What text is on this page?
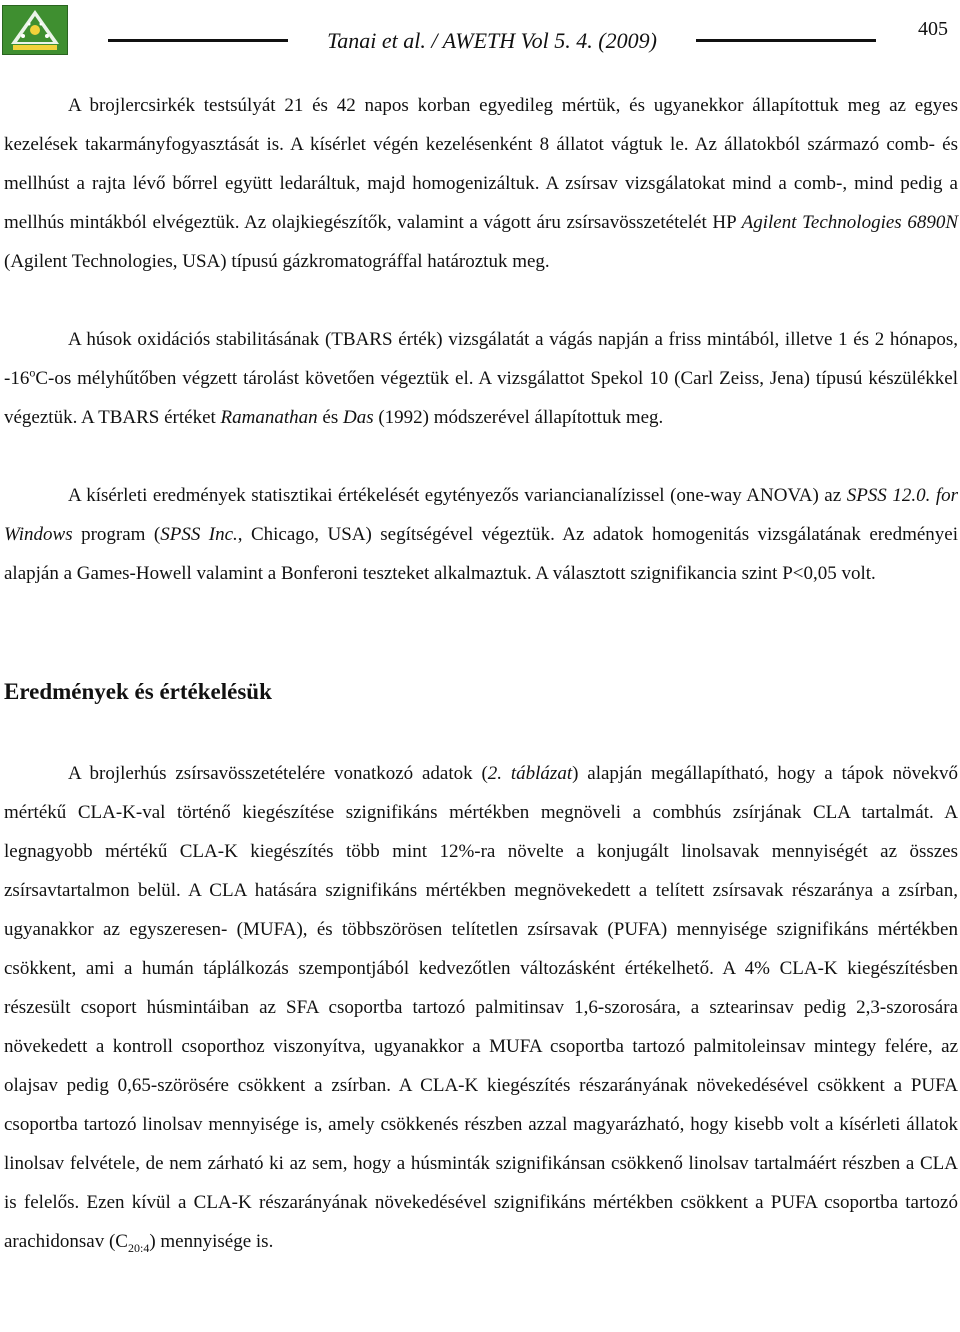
Tanai et al. / AWETH Vol 5. 4. (2009)	405

A brojlercsirkék testsúlyát 21 és 42 napos korban egyedileg mértük, és ugyanekkor állapítottuk meg az egyes kezelések takarmányfogyasztását is. A kísérlet végén kezelésenként 8 állatot vágtuk le. Az állatokból származó comb- és mellhúst a rajta lévő bőrrel együtt ledaráltuk, majd homogenizáltuk. A zsírsav vizsgálatokat mind a comb-, mind pedig a mellhús mintákból elvégeztük. Az olajkiegészítők, valamint a vágott áru zsírsavösszetételét HP Agilent Technologies 6890N (Agilent Technologies, USA) típusú gázkromatográffal határoztuk meg.

A húsok oxidációs stabilitásának (TBARS érték) vizsgálatát a vágás napján a friss mintából, illetve 1 és 2 hónapos, -16$^o$C-os mélyhűtőben végzett tárolást követően végeztük el. A vizsgálattot Spekol 10 (Carl Zeiss, Jena) típusú készülékkel végeztük. A TBARS értéket Ramanathan és Das (1992) módszerével állapítottuk meg.

A kísérleti eredmények statisztikai értékelését egytényezős variancianalízissel (one-way ANOVA) az SPSS 12.0. for Windows program (SPSS Inc., Chicago, USA) segítségével végeztük. Az adatok homogenitás vizsgálatának eredményei alapján a Games-Howell valamint a Bonferoni teszteket alkalmaztuk. A választott szignifikancia szint P<0,05 volt.

Eredmények és értékelésük

A brojlerhús zsírsavösszetételére vonatkozó adatok (2. táblázat) alapján megállapítható, hogy a tápok növekvő mértékű CLA-K-val történő kiegészítése szignifikáns mértékben megnöveli a combhús zsírjának CLA tartalmát. A legnagyobb mértékű CLA-K kiegészítés több mint 12%-ra növelte a konjugált linolsavak mennyiségét az összes zsírsavtartalmon belül. A CLA hatására szignifikáns mértékben megnövekedett a telített zsírsavak részaránya a zsírban, ugyanakkor az egyszeresen- (MUFA), és többszörösen telítetlen zsírsavak (PUFA) mennyisége szignifikáns mértékben csökkent, ami a humán táplálkozás szempontjából kedvezőtlen változásként értékelhető. A 4% CLA-K kiegészítésben részesült csoport húsmintáiban az SFA csoportba tartozó palmitinsav 1,6-szorosára, a sztearinsav pedig 2,3-szorosára növekedett a kontroll csoporthoz viszonyítva, ugyanakkor a MUFA csoportba tartozó palmitoleinsav mintegy felére, az olajsav pedig 0,65-szörösére csökkent a zsírban. A CLA-K kiegészítés részarányának növekedésével csökkent a PUFA csoportba tartozó linolsav mennyisége is, amely csökkenés részben azzal magyarázható, hogy kisebb volt a kísérleti állatok linolsav felvétele, de nem zárható ki az sem, hogy a húsminták szignifikánsan csökkenő linolsav tartalmáért részben a CLA is felelős. Ezen kívül a CLA-K részarányának növekedésével szignifikáns mértékben csökkent a PUFA csoportba tartozó arachidonsav $(C_{20:4})$ mennyisége is.
